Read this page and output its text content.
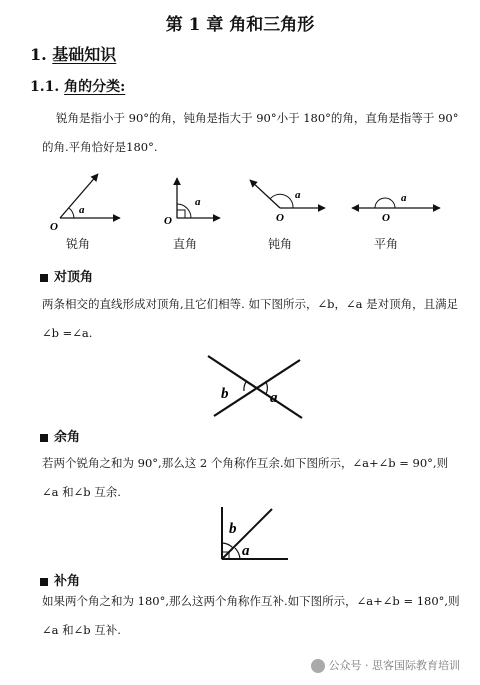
第 1 章 角和三角形
1. 基础知识
1.1. 角的分类:
锐角是指小于 90°的角，钝角是指大于 90°小于 180°的角，直角是指等于 90°的角.平角恰好是180°.
O
a
O
a
O
a
O
a
锐角	直角	钝角	平角
对顶角
两条相交的直线形成对顶角,且它们相等. 如下图所示，∠b，∠a 是对顶角，且满足∠b =∠a.
b	a
余角
若两个锐角之和为 90°,那么这 2 个角称作互余.如下图所示，∠a+∠b = 90°,则∠a 和∠b 互余.
b
a
补角
如果两个角之和为 180°,那么这两个角称作互补.如下图所示，∠a+∠b = 180°,则∠a 和∠b 互补.
公众号 · 思客国际教育培训
